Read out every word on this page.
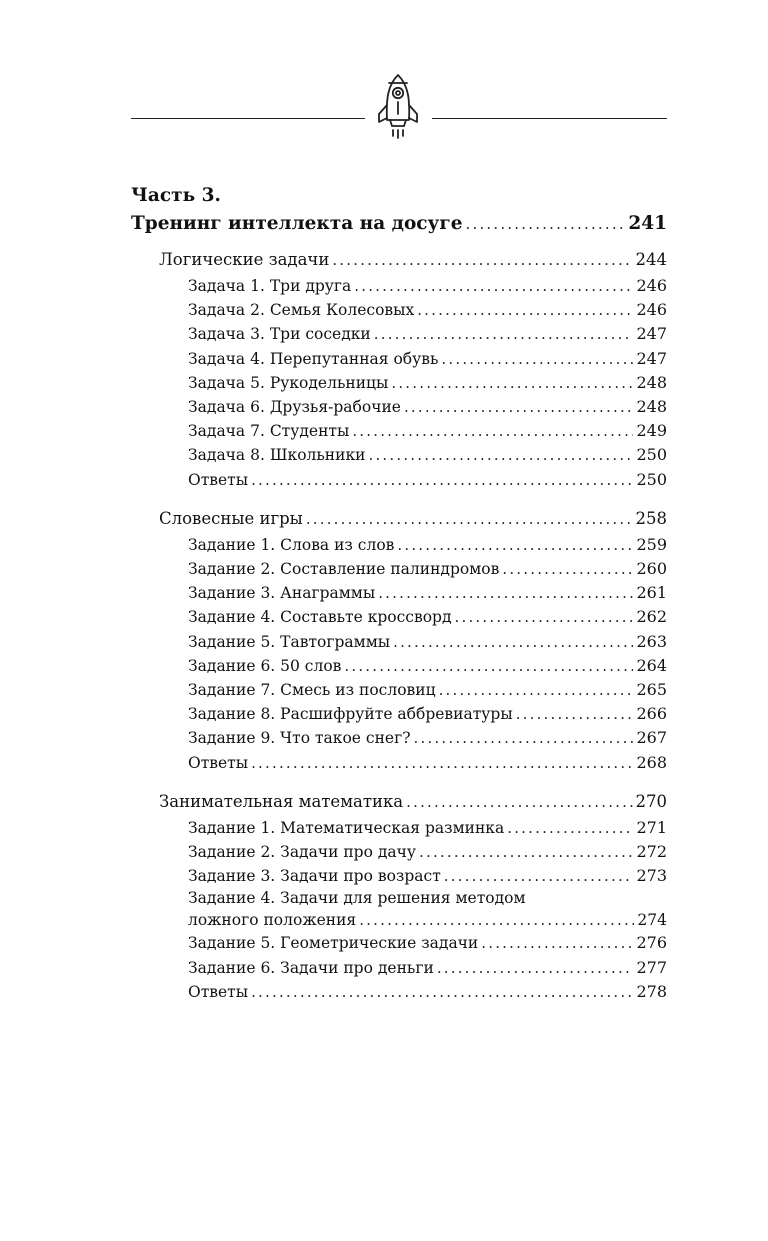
Часть 3.
Тренинг интеллекта на досуге .....	241
Логические задачи .....	244
Задача 1. Три друга .....	246
Задача 2. Семья Колесовых .....	246
Задача 3. Три соседки .....	247
Задача 4. Перепутанная обувь .....	247
Задача 5. Рукодельницы .....	248
Задача 6. Друзья-рабочие .....	248
Задача 7. Студенты .....	249
Задача 8. Школьники .....	250
Ответы .....	250
Словесные игры .....	258
Задание 1. Слова из слов .....	259
Задание 2. Составление палиндромов .....	260
Задание 3. Анаграммы .....	261
Задание 4. Составьте кроссворд .....	262
Задание 5. Тавтограммы .....	263
Задание 6. 50 слов .....	264
Задание 7. Смесь из пословиц .....	265
Задание 8. Расшифруйте аббревиатуры .....	266
Задание 9. Что такое снег? .....	267
Ответы .....	268
Занимательная математика .....	270
Задание 1. Математическая разминка .....	271
Задание 2. Задачи про дачу .....	272
Задание 3. Задачи про возраст .....	273
Задание 4. Задачи для решения методом
ложного положения .....	274
Задание 5. Геометрические задачи .....	276
Задание 6. Задачи про деньги .....	277
Ответы .....	278
